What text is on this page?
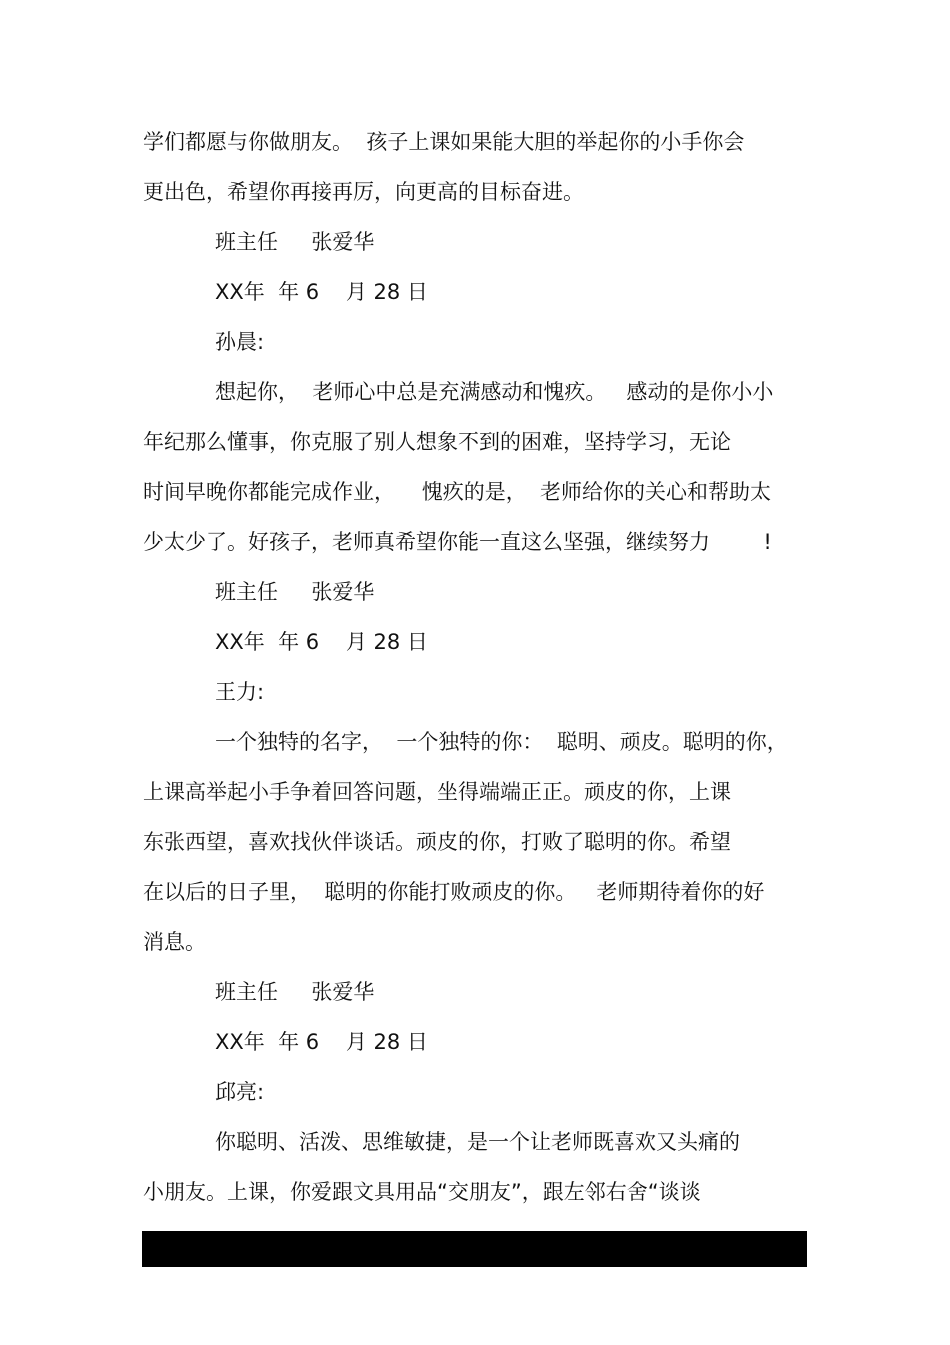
学们都愿与你做朋友。  孩子上课如果能大胆的举起你的小手你会

更出色，希望你再接再厉，向更高的目标奋进。

班主任     张爱华

XX年  年 6    月 28 日

孙晨:

想起你，  老师心中总是充满感动和愧疚。   感动的是你小小

年纪那么懂事，你克服了别人想象不到的困难，坚持学习，无论

时间早晚你都能完成作业，    愧疚的是，  老师给你的关心和帮助太

少太少了。好孩子，老师真希望你能一直这么坚强，继续努力        !

班主任     张爱华

XX年  年 6    月 28 日

王力:

一个独特的名字，  一个独特的你：  聪明、顽皮。聪明的你，

上课高举起小手争着回答问题，坐得端端正正。顽皮的你，上课

东张西望，喜欢找伙伴谈话。顽皮的你，打败了聪明的你。希望

在以后的日子里，  聪明的你能打败顽皮的你。   老师期待着你的好

消息。

班主任     张爱华

XX年  年 6    月 28 日

邱亮:

你聪明、活泼、思维敏捷，是一个让老师既喜欢又头痛的

小朋友。上课，你爱跟文具用品“交朋友”，跟左邻右舍“谈谈
